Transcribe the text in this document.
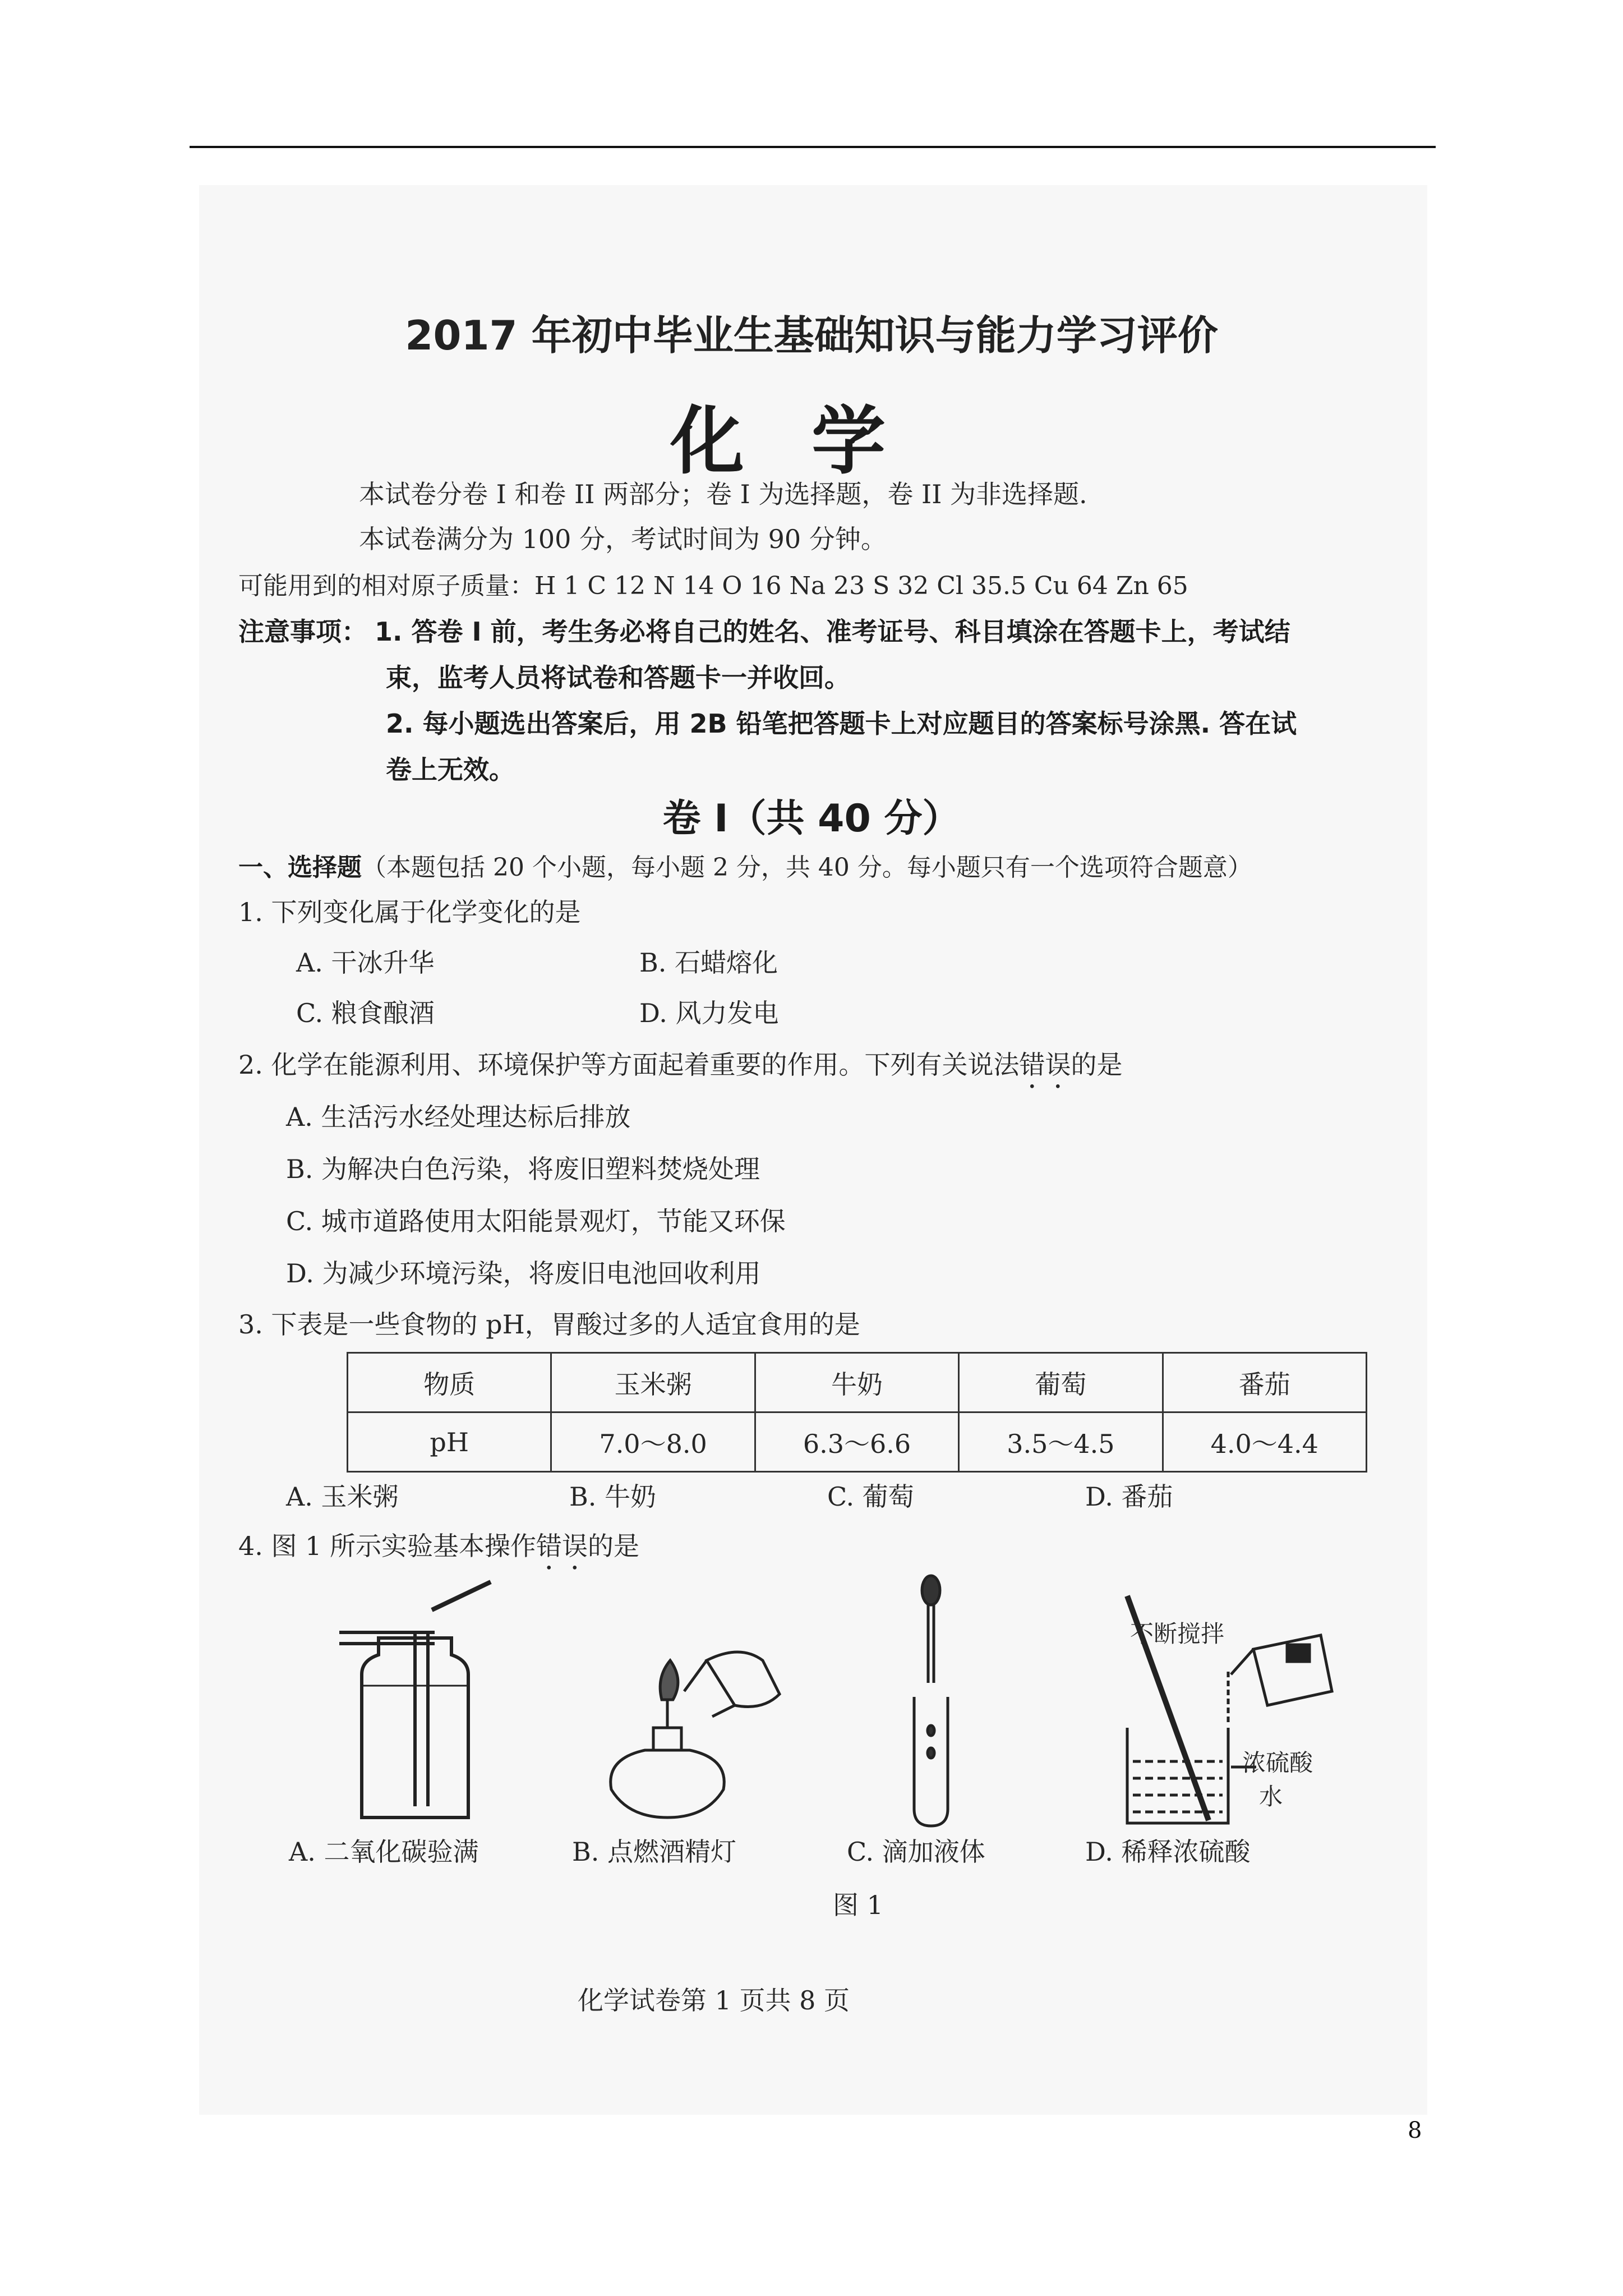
2017 年初中毕业生基础知识与能力学习评价
化学
本试卷分卷 I 和卷 II 两部分；卷 I 为选择题，卷 II 为非选择题.
本试卷满分为 100 分，考试时间为 90 分钟。
可能用到的相对原子质量：H 1 C 12 N 14 O 16 Na 23 S 32 Cl 35.5 Cu 64 Zn 65
注意事项： 1. 答卷 I 前，考生务必将自己的姓名、准考证号、科目填涂在答题卡上，考试结
束，监考人员将试卷和答题卡一并收回。
2. 每小题选出答案后，用 2B 铅笔把答题卡上对应题目的答案标号涂黑. 答在试
卷上无效。
卷 I（共 40 分）
一、选择题（本题包括 20 个小题，每小题 2 分，共 40 分。每小题只有一个选项符合题意）
1. 下列变化属于化学变化的是
A. 干冰升华	B. 石蜡熔化
C. 粮食酿酒	D. 风力发电
2. 化学在能源利用、环境保护等方面起着重要的作用。下列有关说法错误的是
A. 生活污水经处理达标后排放
B. 为解决白色污染，将废旧塑料焚烧处理
C. 城市道路使用太阳能景观灯，节能又环保
D. 为减少环境污染，将废旧电池回收利用
3. 下表是一些食物的 pH，胃酸过多的人适宜食用的是
物质	玉米粥	牛奶	葡萄	番茄
pH	7.0～8.0	6.3～6.6	3.5～4.5	4.0～4.4
A. 玉米粥	B. 牛奶	C. 葡萄	D. 番茄
4. 图 1 所示实验基本操作错误的是
A. 二氧化碳验满	B. 点燃酒精灯	C. 滴加液体
不断搅拌
浓硫酸
水
D. 稀释浓硫酸
图 1
化学试卷第 1 页共 8 页
8
